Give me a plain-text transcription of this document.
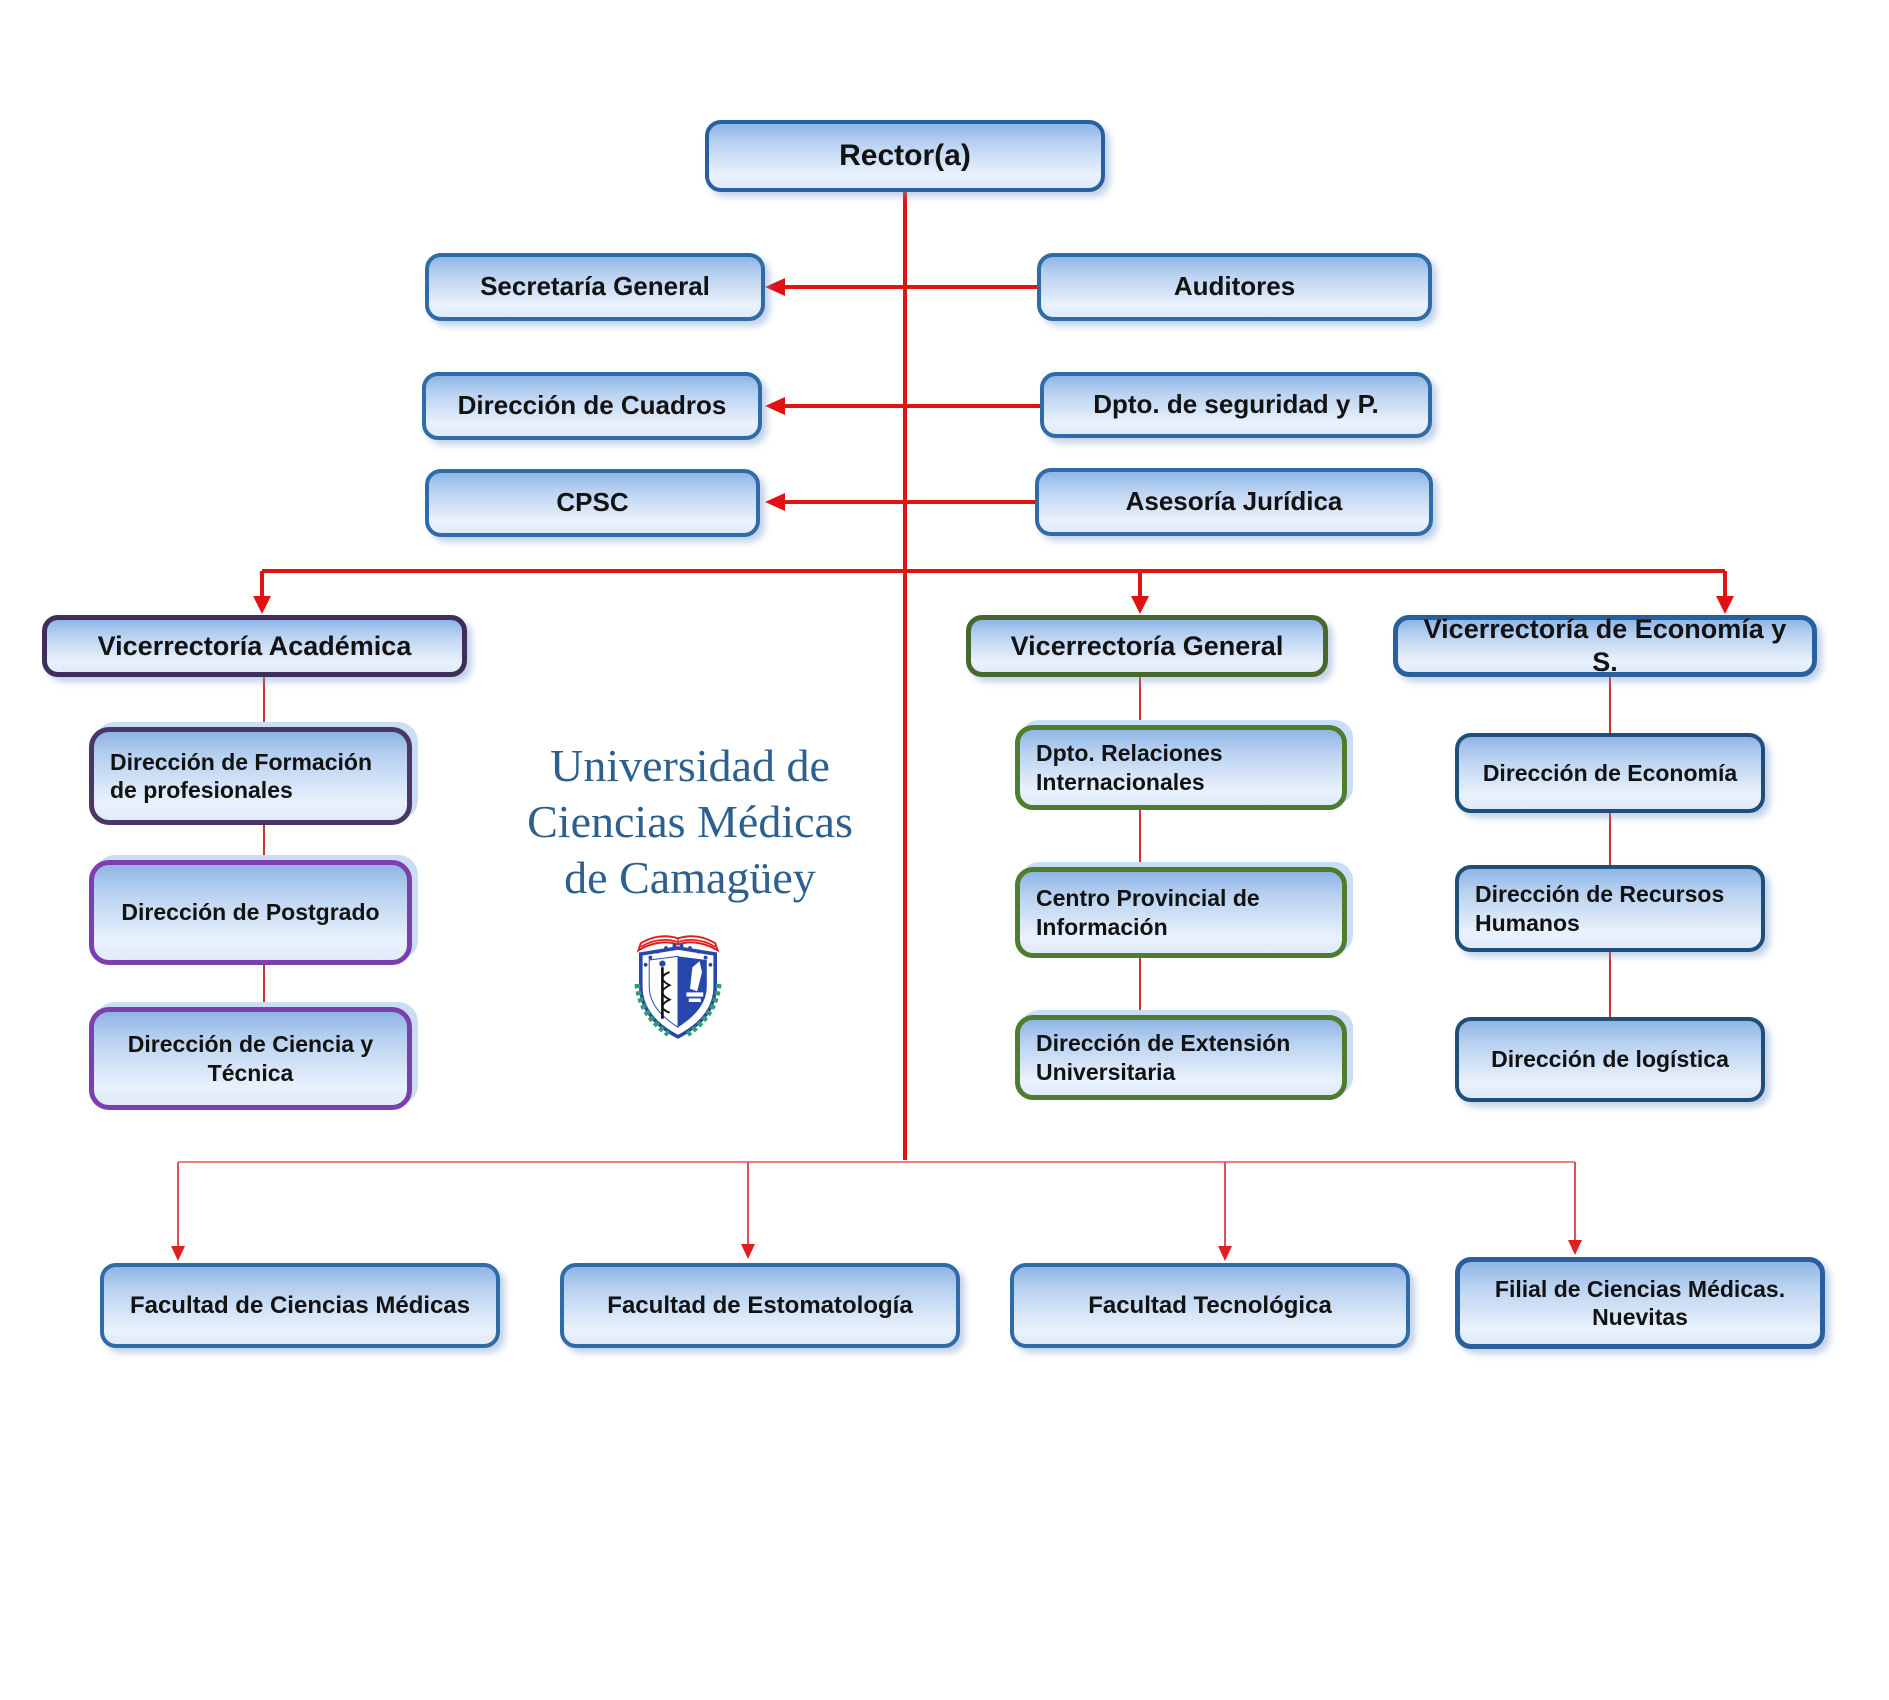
Rector(a)
Secretaría General	Auditores
Dirección de Cuadros	Dpto. de seguridad y P.
CPSC	Asesoría Jurídica
Vicerrectoría Académica	Vicerrectoría General
Vicerrectoría de Economía y S.
Dirección de Formación de profesionales
Dirección de Postgrado
Dirección de Ciencia y Técnica
Dpto. Relaciones Internacionales
Centro Provincial de Información
Dirección de Extensión Universitaria
Dirección de Economía
Dirección de Recursos Humanos
Dirección de logística
Facultad de Ciencias Médicas	Facultad de Estomatología	Facultad Tecnológica
Filial de Ciencias Médicas. Nuevitas
Universidad de
Ciencias Médicas
de Camagüey
